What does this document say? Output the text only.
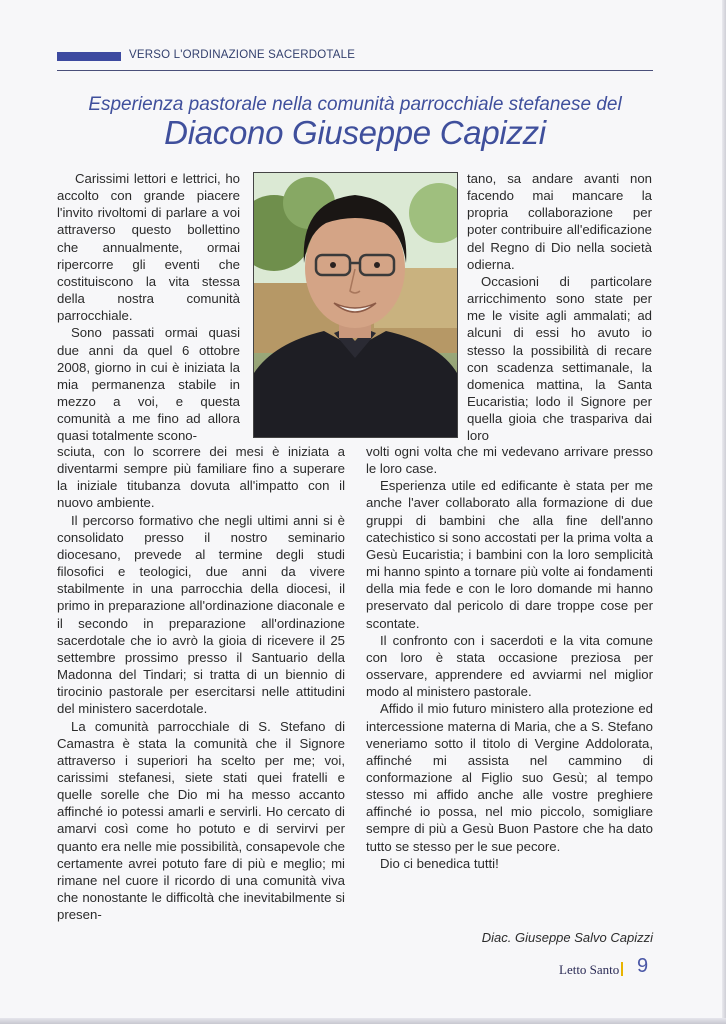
VERSO L'ORDINAZIONE SACERDOTALE
Esperienza pastorale nella comunità parrocchiale stefanese del
Diacono Giuseppe Capizzi

Carissimi lettori e lettrici, ho accolto con grande piacere l'invito rivoltomi di parlare a voi attraverso questo bollettino che annualmente, ormai ripercorre gli eventi che costituiscono la vita stessa della nostra comunità parrocchiale.

Sono passati ormai quasi due anni da quel 6 ottobre 2008, giorno in cui è iniziata la mia permanenza stabile in mezzo a voi, e questa comunità a me fino ad allora quasi totalmente scono-

tano, sa andare avanti non facendo mai mancare la propria collaborazione per poter contribuire all'edificazione del Regno di Dio nella società odierna.

Occasioni di particolare arricchimento sono state per me le visite agli ammalati; ad alcuni di essi ho avuto io stesso la possibilità di recare con scadenza settimanale, la domenica mattina, la Santa Eucaristia; lodo il Signore per quella gioia che traspariva dai loro

sciuta, con lo scorrere dei mesi è iniziata a diventarmi sempre più familiare fino a superare la iniziale titubanza dovuta all'impatto con il nuovo ambiente.

Il percorso formativo che negli ultimi anni si è consolidato presso il nostro seminario diocesano, prevede al termine degli studi filosofici e teologici, due anni da vivere stabilmente in una parrocchia della diocesi, il primo in preparazione all'ordinazione diaconale e il secondo in preparazione all'ordinazione sacerdotale che io avrò la gioia di ricevere il 25 settembre prossimo presso il Santuario della Madonna del Tindari; si tratta di un biennio di tirocinio pastorale per esercitarsi nelle attitudini del ministero sacerdotale.

La comunità parrocchiale di S. Stefano di Camastra è stata la comunità che il Signore attraverso i superiori ha scelto per me; voi, carissimi stefanesi, siete stati quei fratelli e quelle sorelle che Dio mi ha messo accanto affinché io potessi amarli e servirli. Ho cercato di amarvi così come ho potuto e di servirvi per quanto era nelle mie possibilità, consapevole che certamente avrei potuto fare di più e meglio; mi rimane nel cuore il ricordo di una comunità viva che nonostante le difficoltà che inevitabilmente si presen-

volti ogni volta che mi vedevano arrivare presso le loro case.

Esperienza utile ed edificante è stata per me anche l'aver collaborato alla formazione di due gruppi di bambini che alla fine dell'anno catechistico si sono accostati per la prima volta a Gesù Eucaristia; i bambini con la loro semplicità mi hanno spinto a tornare più volte ai fondamenti della mia fede e con le loro domande mi hanno preservato dal pericolo di dare troppe cose per scontate.

Il confronto con i sacerdoti e la vita comune con loro è stata occasione preziosa per osservare, apprendere ed avviarmi nel miglior modo al ministero pastorale.

Affido il mio futuro ministero alla protezione ed intercessione materna di Maria, che a S. Stefano veneriamo sotto il titolo di Vergine Addolorata, affinché mi assista nel cammino di conformazione al Figlio suo Gesù; al tempo stesso mi affido anche alle vostre preghiere affinché io possa, nel mio piccolo, somigliare sempre di più a Gesù Buon Pastore che ha dato tutto se stesso per le sue pecore.

Dio ci benedica tutti!

Diac. Giuseppe Salvo Capizzi
Letto Santo 9
